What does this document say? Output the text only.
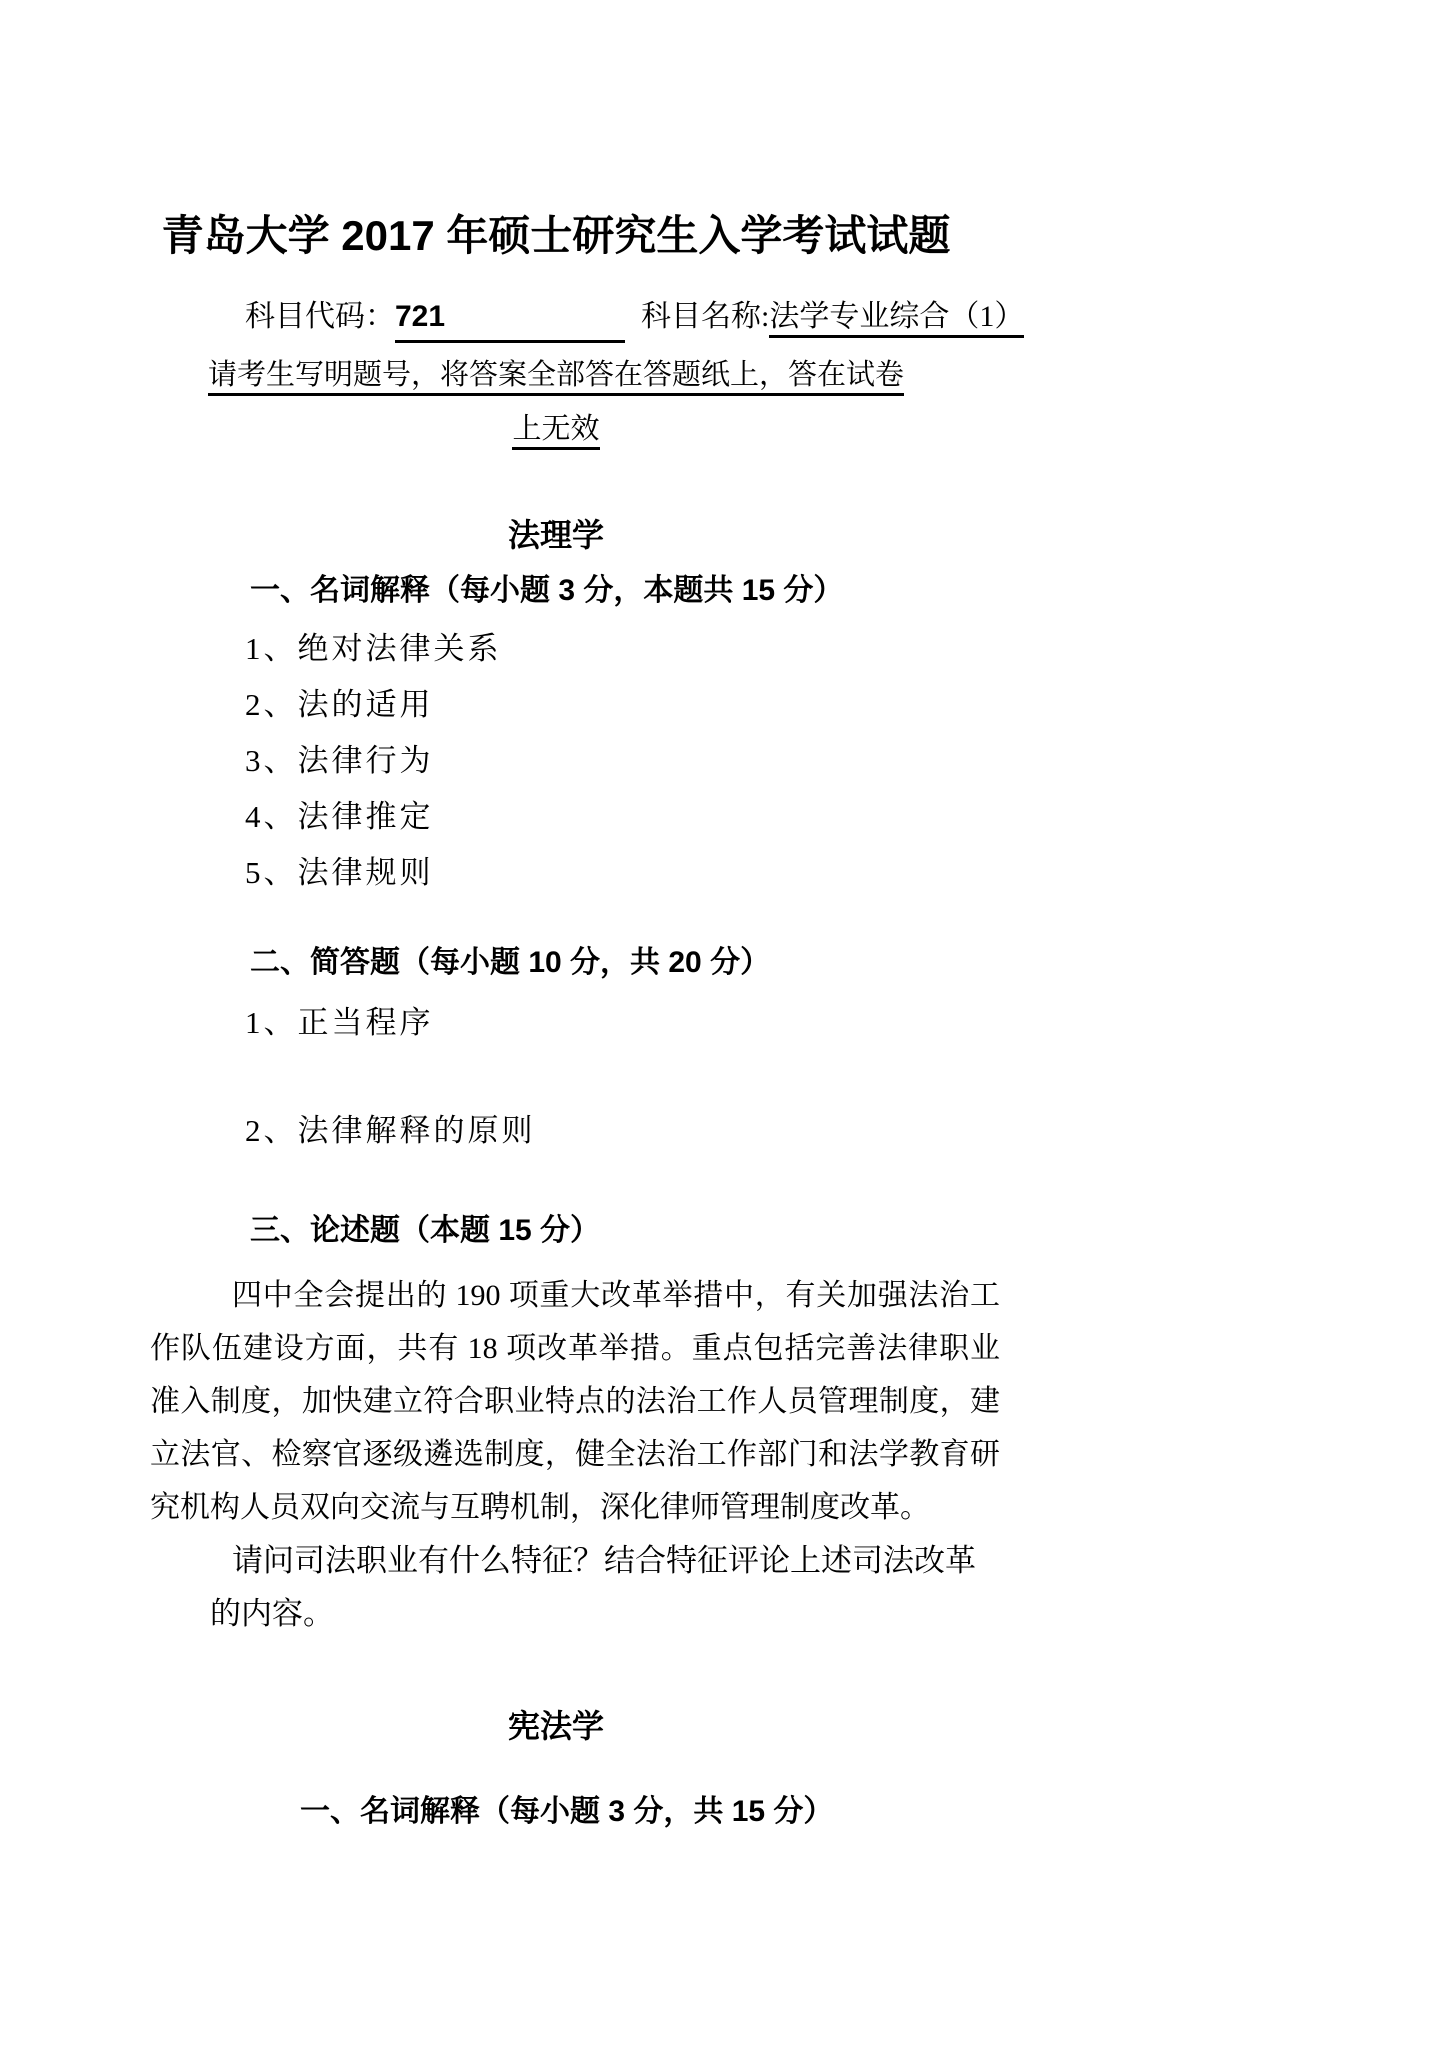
青岛大学 2017 年硕士研究生入学考试试题
科目代码：721	科目名称:法学专业综合（1）
请考生写明题号，将答案全部答在答题纸上，答在试卷
上无效
法理学
一、名词解释（每小题 3 分，本题共 15 分）
1、绝对法律关系
2、法的适用
3、法律行为
4、法律推定
5、法律规则
二、简答题（每小题 10 分，共 20 分）
1、正当程序
2、法律解释的原则
三、论述题（本题 15 分）
四中全会提出的 190 项重大改革举措中，有关加强法治工作队伍建设方面，共有 18 项改革举措。重点包括完善法律职业准入制度，加快建立符合职业特点的法治工作人员管理制度，建立法官、检察官逐级遴选制度，健全法治工作部门和法学教育研究机构人员双向交流与互聘机制，深化律师管理制度改革。
请问司法职业有什么特征？结合特征评论上述司法改革
的内容。
宪法学
一、名词解释（每小题 3 分，共 15 分）
